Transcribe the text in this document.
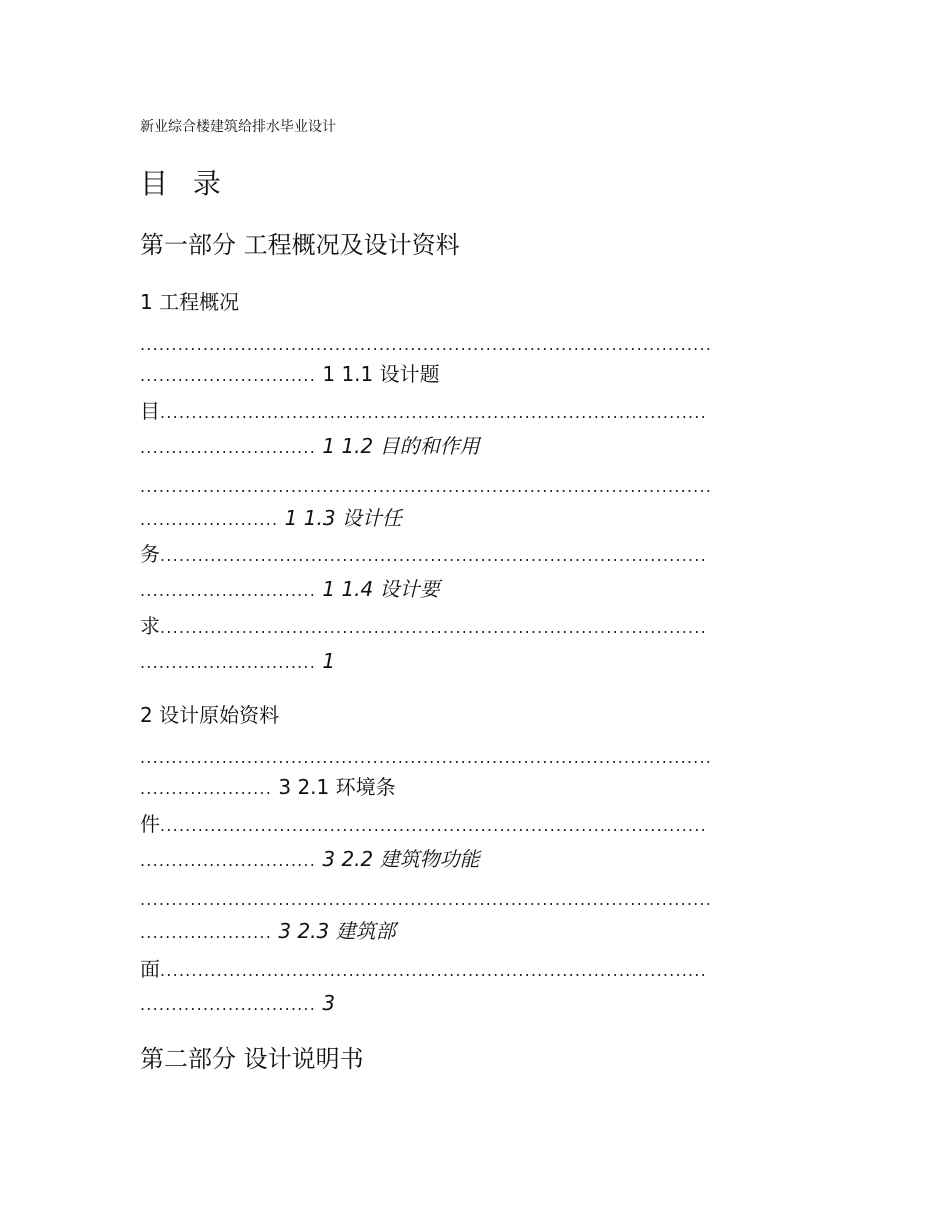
新业综合楼建筑给排水毕业设计
目 录
第一部分 工程概况及设计资料
1 工程概况
...........................................................................................
............................ 1 1.1 设计题
目.......................................................................................
............................ 1 1.2 目的和作用
...........................................................................................
...................... 1 1.3 设计任
务.......................................................................................
............................ 1 1.4 设计要
求.......................................................................................
............................ 1
2 设计原始资料
...........................................................................................
..................... 3 2.1 环境条
件.......................................................................................
............................ 3 2.2 建筑物功能
...........................................................................................
..................... 3 2.3 建筑部
面.......................................................................................
............................ 3
第二部分 设计说明书
